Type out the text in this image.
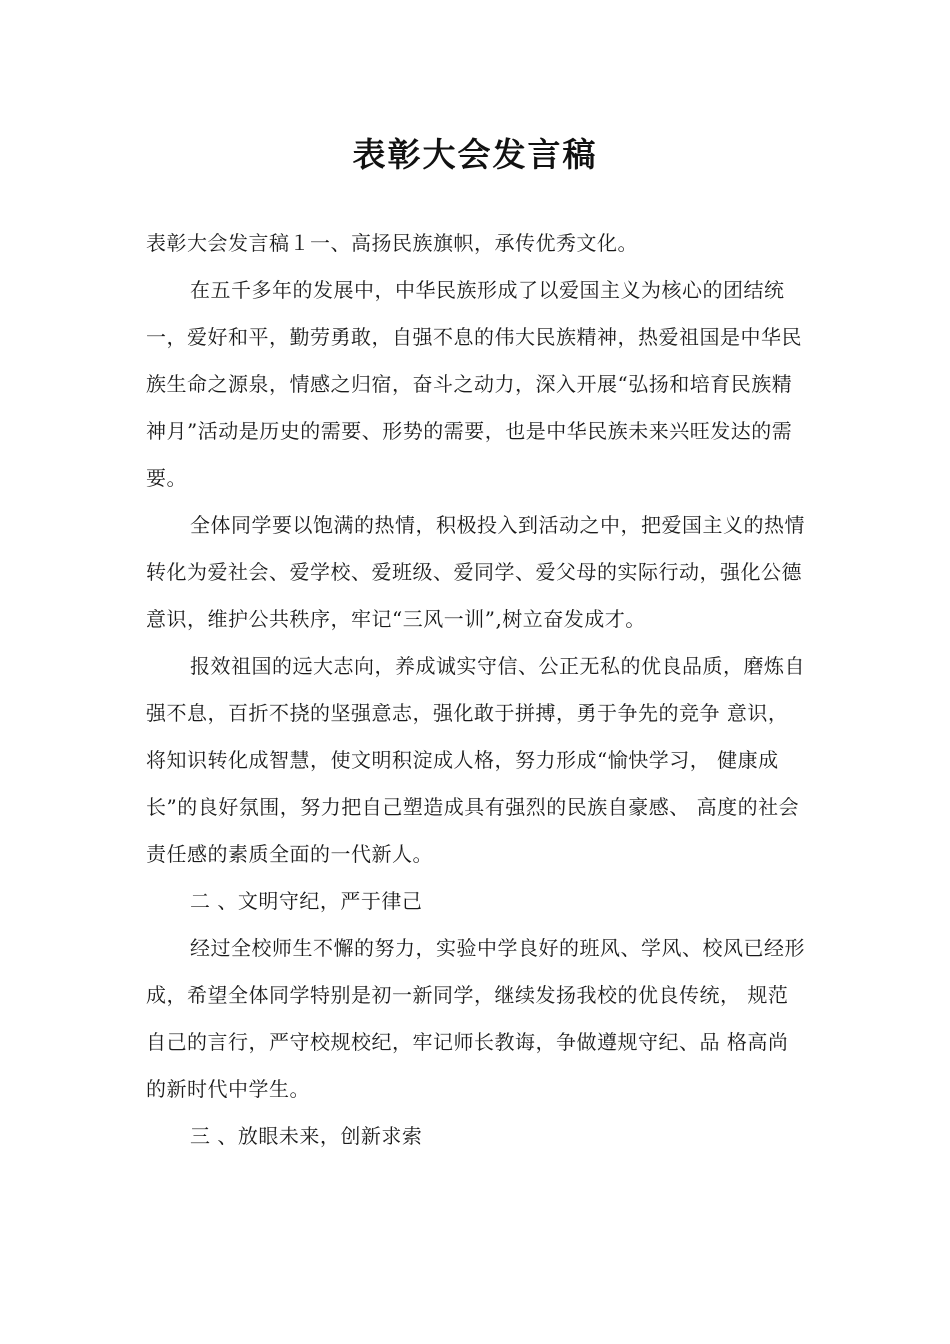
表彰大会发言稿

表彰大会发言稿１一、高扬民族旗帜，承传优秀文化。

在五千多年的发展中，中华民族形成了以爱国主义为核心的团结统一，爱好和平，勤劳勇敢，自强不息的伟大民族精神，热爱祖国是中华民族生命之源泉，情感之归宿，奋斗之动力，深入开展“弘扬和培育民族精神月”活动是历史的需要、形势的需要，也是中华民族未来兴旺发达的需要。

全体同学要以饱满的热情，积极投入到活动之中，把爱国主义的热情转化为爱社会、爱学校、爱班级、爱同学、爱父母的实际行动，强化公德意识，维护公共秩序，牢记“三风一训”,树立奋发成才。

报效祖国的远大志向，养成诚实守信、公正无私的优良品质，磨炼自强不息，百折不挠的坚强意志，强化敢于拼搏，勇于争先的竞争 意识，将知识转化成智慧，使文明积淀成人格，努力形成“愉快学习， 健康成长”的良好氛围，努力把自己塑造成具有强烈的民族自豪感、 高度的社会责任感的素质全面的一代新人。

二 、文明守纪，严于律己

经过全校师生不懈的努力，实验中学良好的班风、学风、校风已经形成，希望全体同学特别是初一新同学，继续发扬我校的优良传统， 规范自己的言行，严守校规校纪，牢记师长教诲，争做遵规守纪、品 格高尚的新时代中学生。

三 、放眼未来，创新求索
